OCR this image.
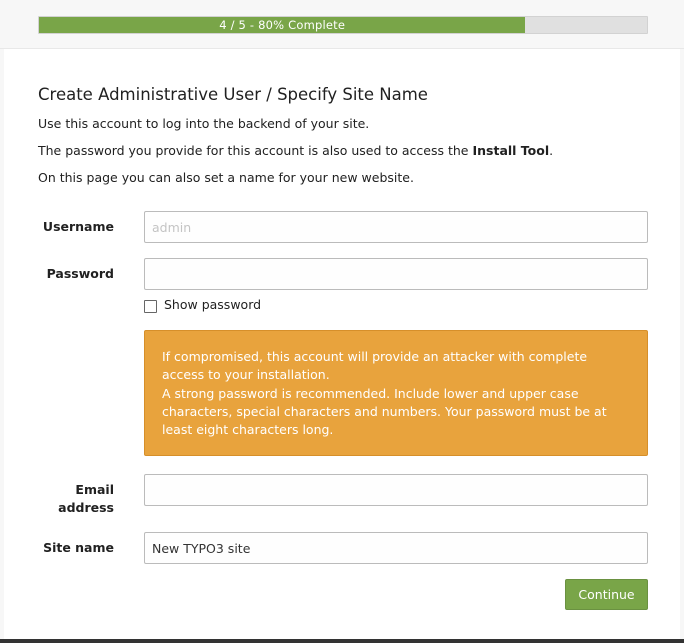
4 / 5 - 80% Complete
Create Administrative User / Specify Site Name

Use this account to log into the backend of your site.

The password you provide for this account is also used to access the Install Tool.

On this page you can also set a name for your new website.

Username
admin
Password
Show password
If compromised, this account will provide an attacker with complete access to your installation.
A strong password is recommended. Include lower and upper case characters, special characters and numbers. Your password must be at least eight characters long.
Email
address
Site name
New TYPO3 site
Continue
